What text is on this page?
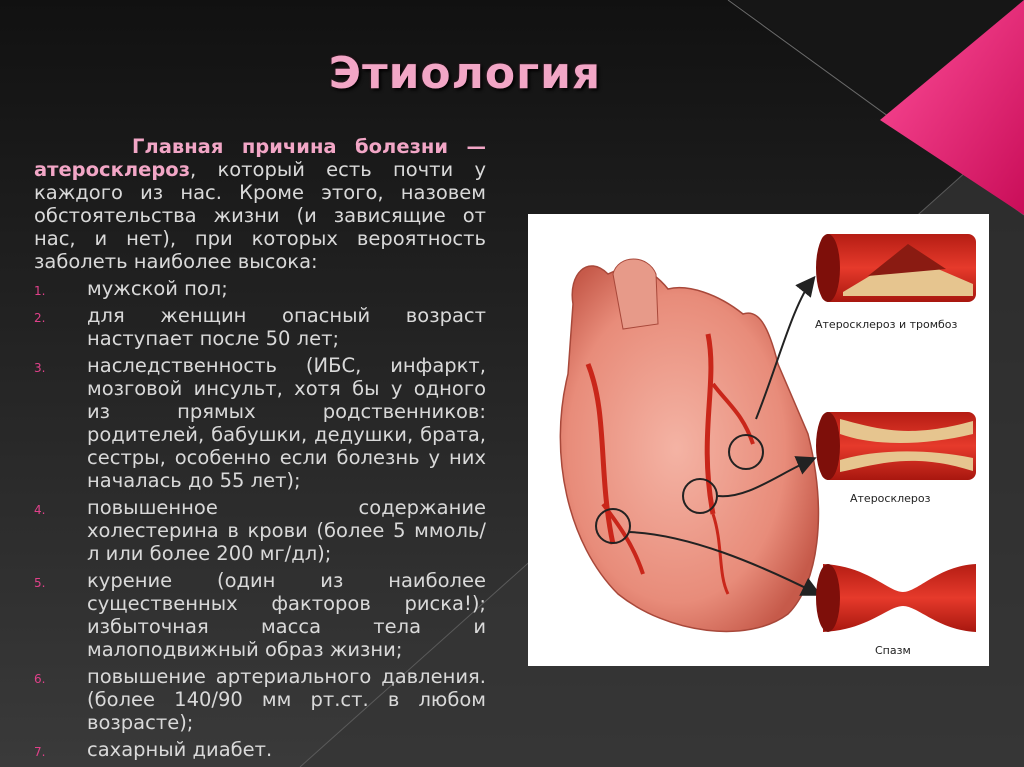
Этиология

Главная причина болезни — атеросклероз, который есть почти у каждого из нас. Кроме этого, назовем обстоятельства жизни (и зависящие от нас, и нет), при которых вероятность заболеть наиболее высока:

1. мужской пол;
2. для женщин опасный возраст наступает после 50 лет;
3. наследственность (ИБС, инфаркт, мозговой инсульт, хотя бы у одного из прямых родственников: родителей, бабушки, дедушки, брата, сестры, особенно если болезнь у них началась до 55 лет);
4. повышенное содержание холестерина в крови (более 5 ммоль/л или более 200 мг/дл);
5. курение (один из наиболее существенных факторов риска!); избыточная масса тела и малоподвижный образ жизни;
6. повышение артериального давления.(более 140/90 мм рт.ст. в любом возрасте);
7. сахарный диабет.
Атеросклероз и тромбоз
Атеросклероз
Спазм
